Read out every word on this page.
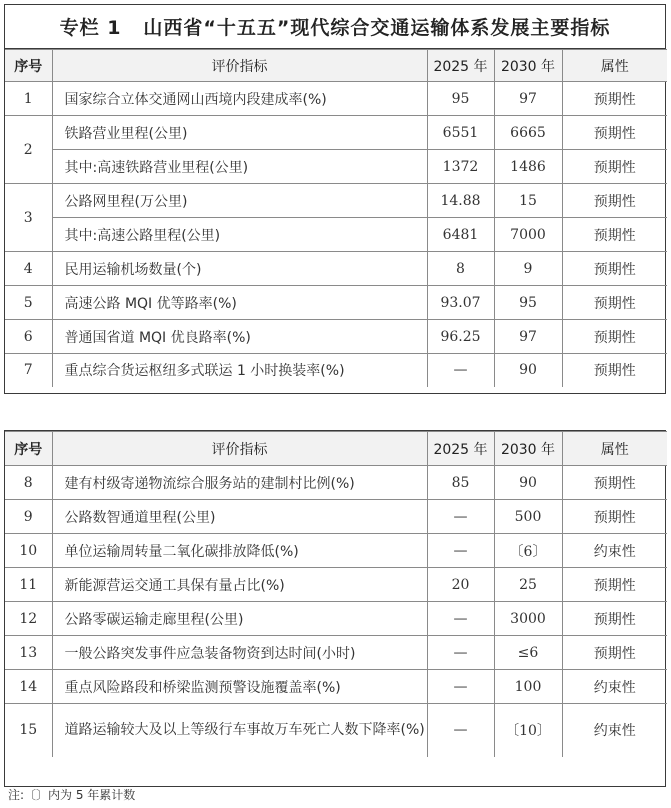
专栏 1 山西省“十五五”现代综合交通运输体系发展主要指标
序号	评价指标	2025 年	2030 年	属性
1	国家综合立体交通网山西境内段建成率(%)	95	97	预期性
2	铁路营业里程(公里)	6551	6665	预期性
	其中:高速铁路营业里程(公里)	1372	1486	预期性
3	公路网里程(万公里)	14.88	15	预期性
	其中:高速公路里程(公里)	6481	7000	预期性
4	民用运输机场数量(个)	8	9	预期性
5	高速公路 MQI 优等路率(%)	93.07	95	预期性
6	普通国省道 MQI 优良路率(%)	96.25	97	预期性
7	重点综合货运枢纽多式联运 1 小时换装率(%)	—	90	预期性
序号	评价指标	2025 年	2030 年	属性
8	建有村级寄递物流综合服务站的建制村比例(%)	85	90	预期性
9	公路数智通道里程(公里)	—	500	预期性
10	单位运输周转量二氧化碳排放降低(%)	—	〔6〕	约束性
11	新能源营运交通工具保有量占比(%)	20	25	预期性
12	公路零碳运输走廊里程(公里)	—	3000	预期性
13	一般公路突发事件应急装备物资到达时间(小时)	—	≤6	预期性
14	重点风险路段和桥梁监测预警设施覆盖率(%)	—	100	约束性
15	道路运输较大及以上等级行车事故万车死亡人数下降率(%)	—	〔10〕	约束性
注:〔〕内为 5 年累计数
